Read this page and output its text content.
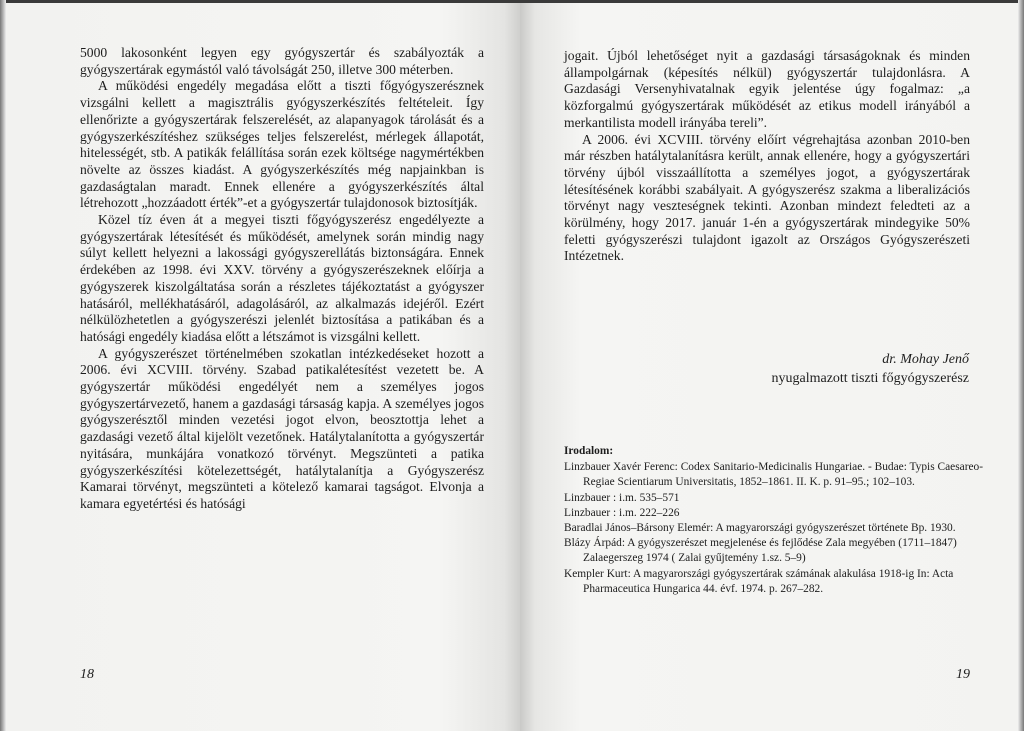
5000 lakosonként legyen egy gyógyszertár és szabályozták a gyógyszertárak egymástól való távolságát 250, illetve 300 méterben.

A működési engedély megadása előtt a tiszti főgyógyszerésznek vizsgálni kellett a magisztrális gyógyszerkészítés feltételeit. Így ellenőrizte a gyógyszertárak felszerelését, az alapanyagok tárolását és a gyógyszerkészítéshez szükséges teljes felszerelést, mérlegek állapotát, hitelességét, stb. A patikák felállítása során ezek költsége nagymértékben növelte az összes kiadást. A gyógyszerkészítés még napjainkban is gazdaságtalan maradt. Ennek ellenére a gyógyszerkészítés által létrehozott „hozzáadott érték”-et a gyógyszertár tulajdonosok biztosítják.

Közel tíz éven át a megyei tiszti főgyógyszerész engedélyezte a gyógyszertárak létesítését és működését, amelynek során mindig nagy súlyt kellett helyezni a lakossági gyógyszerellátás biztonságára. Ennek érdekében az 1998. évi XXV. törvény a gyógyszerészeknek előírja a gyógyszerek kiszolgáltatása során a részletes tájékoztatást a gyógyszer hatásáról, mellékhatásáról, adagolásáról, az alkalmazás idejéről. Ezért nélkülözhetetlen a gyógyszerészi jelenlét biztosítása a patikában és a hatósági engedély kiadása előtt a létszámot is vizsgálni kellett.

A gyógyszerészet történelmében szokatlan intézkedéseket hozott a 2006. évi XCVIII. törvény. Szabad patikalétesítést vezetett be. A gyógyszertár működési engedélyét nem a személyes jogos gyógyszertárvezető, hanem a gazdasági társaság kapja. A személyes jogos gyógyszerésztől minden vezetési jogot elvon, beosztottja lehet a gazdasági vezető által kijelölt vezetőnek. Hatálytalanította a gyógyszertár nyitására, munkájára vonatkozó törvényt. Megszünteti a patika gyógyszerkészítési kötelezettségét, hatálytalanítja a Gyógyszerész Kamarai törvényt, megszünteti a kötelező kamarai tagságot. Elvonja a kamara egyetértési és hatósági

18

jogait. Újból lehetőséget nyit a gazdasági társaságoknak és minden állampolgárnak (képesítés nélkül) gyógyszertár tulajdonlásra. A Gazdasági Versenyhivatalnak egyik jelentése úgy fogalmaz: „a közforgalmú gyógyszertárak működését az etikus modell irányából a merkantilista modell irányába tereli”.

A 2006. évi XCVIII. törvény előírt végrehajtása azonban 2010-ben már részben hatálytalanításra került, annak ellenére, hogy a gyógyszertári törvény újból visszaállította a személyes jogot, a gyógyszertárak létesítésének korábbi szabályait. A gyógyszerész szakma a liberalizációs törvényt nagy veszteségnek tekinti. Azonban mindezt feledteti az a körülmény, hogy 2017. január 1-én a gyógyszertárak mindegyike 50% feletti gyógyszerészi tulajdont igazolt az Országos Gyógyszerészeti Intézetnek.

dr. Mohay Jenő
nyugalmazott tiszti főgyógyszerész
Irodalom:
Linzbauer Xavér Ferenc: Codex Sanitario-Medicinalis Hungariae. - Budae: Typis Caesareo-Regiae Scientiarum Universitatis, 1852–1861. II. K. p. 91–95.; 102–103.
Linzbauer : i.m. 535–571
Linzbauer : i.m. 222–226
Baradlai János–Bársony Elemér: A magyarországi gyógyszerészet története Bp. 1930.
Blázy Árpád: A gyógyszerészet megjelenése és fejlődése Zala megyében (1711–1847) Zalaegerszeg 1974 ( Zalai gyűjtemény 1.sz. 5–9)
Kempler Kurt: A magyarországi gyógyszertárak számának alakulása 1918-ig In: Acta Pharmaceutica Hungarica 44. évf. 1974. p. 267–282.
19
